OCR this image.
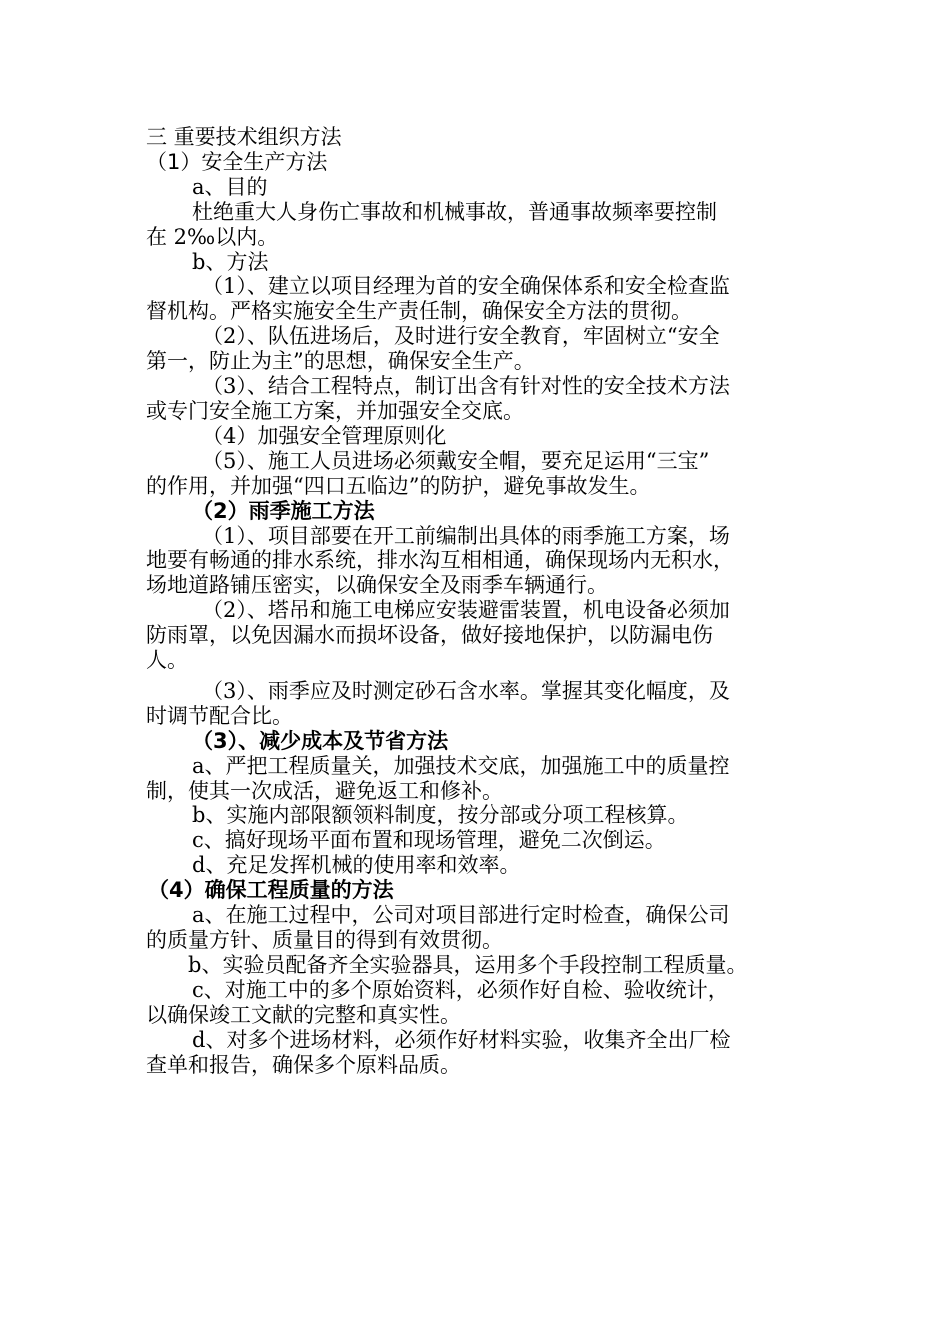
三 重要技术组织方法

（1）安全生产方法

a、目的

杜绝重大人身伤亡事故和机械事故，普通事故频率要控制

在 2‰以内。

b、方法

（1）、建立以项目经理为首的安全确保体系和安全检查监

督机构。严格实施安全生产责任制，确保安全方法的贯彻。

（2）、队伍进场后，及时进行安全教育，牢固树立“安全

第一，防止为主”的思想，确保安全生产。

（3）、结合工程特点，制订出含有针对性的安全技术方法

或专门安全施工方案，并加强安全交底。

（4）加强安全管理原则化

（5）、施工人员进场必须戴安全帽，要充足运用“三宝”

的作用，并加强“四口五临边”的防护，避免事故发生。

（2）雨季施工方法

（1）、项目部要在开工前编制出具体的雨季施工方案，场

地要有畅通的排水系统，排水沟互相相通，确保现场内无积水，

场地道路铺压密实，以确保安全及雨季车辆通行。

（2）、塔吊和施工电梯应安装避雷装置，机电设备必须加

防雨罩，以免因漏水而损坏设备，做好接地保护，以防漏电伤

人。

（3）、雨季应及时测定砂石含水率。掌握其变化幅度，及

时调节配合比。

（3）、减少成本及节省方法

a、严把工程质量关，加强技术交底，加强施工中的质量控

制，使其一次成活，避免返工和修补。

b、实施内部限额领料制度，按分部或分项工程核算。

c、搞好现场平面布置和现场管理，避免二次倒运。

d、充足发挥机械的使用率和效率。

（4）确保工程质量的方法

a、在施工过程中，公司对项目部进行定时检查，确保公司

的质量方针、质量目的得到有效贯彻。

b、实验员配备齐全实验器具，运用多个手段控制工程质量。

c、对施工中的多个原始资料，必须作好自检、验收统计，

以确保竣工文献的完整和真实性。

d、对多个进场材料，必须作好材料实验，收集齐全出厂检

查单和报告，确保多个原料品质。
